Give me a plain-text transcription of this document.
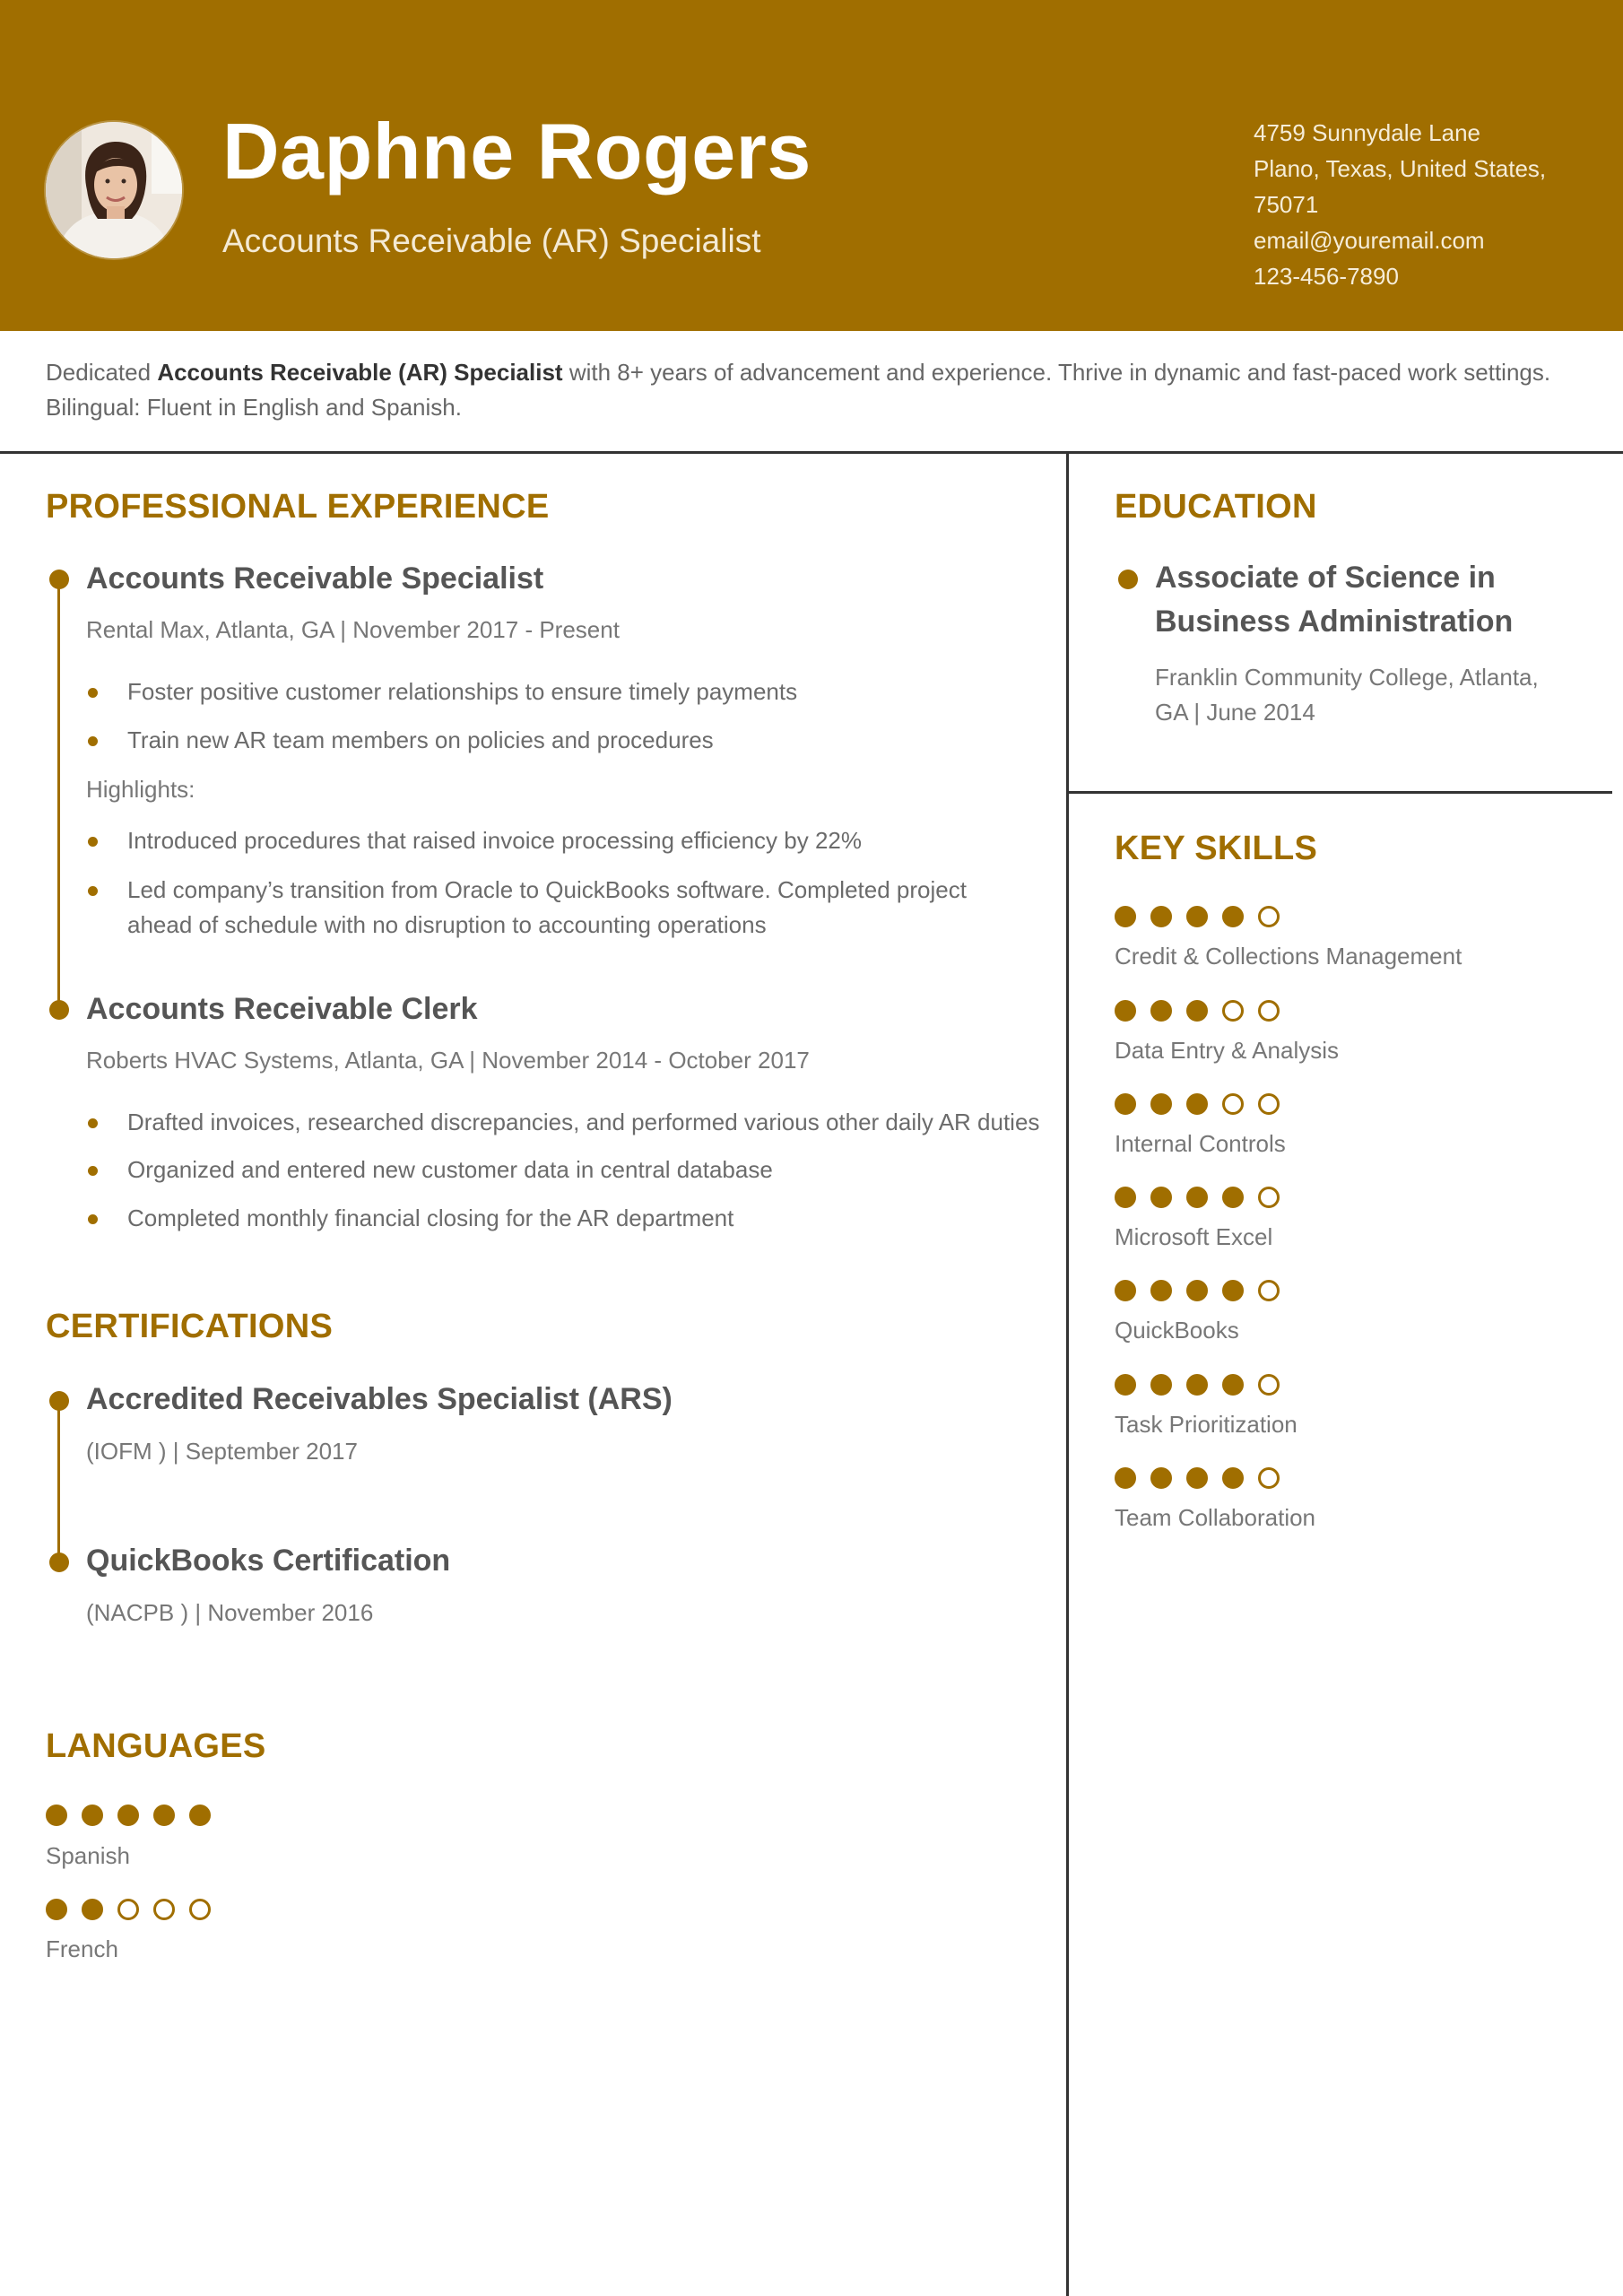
Daphne Rogers
Accounts Receivable (AR) Specialist
4759 Sunnydale Lane
Plano, Texas, United States,
75071
email@youremail.com
123-456-7890
Dedicated Accounts Receivable (AR) Specialist with 8+ years of advancement and experience. Thrive in dynamic and fast-paced work settings. Bilingual: Fluent in English and Spanish.
PROFESSIONAL EXPERIENCE
Accounts Receivable Specialist
Rental Max, Atlanta, GA | November 2017 - Present
Foster positive customer relationships to ensure timely payments
Train new AR team members on policies and procedures
Highlights:
Introduced procedures that raised invoice processing efficiency by 22%
Led company’s transition from Oracle to QuickBooks software. Completed project ahead of schedule with no disruption to accounting operations
Accounts Receivable Clerk
Roberts HVAC Systems, Atlanta, GA | November 2014 - October 2017
Drafted invoices, researched discrepancies, and performed various other daily AR duties
Organized and entered new customer data in central database
Completed monthly financial closing for the AR department
CERTIFICATIONS
Accredited Receivables Specialist (ARS)
(IOFM ) | September 2017
QuickBooks Certification
(NACPB ) | November 2016
LANGUAGES
Spanish
French
EDUCATION
Associate of Science in Business Administration
Franklin Community College, Atlanta, GA | June 2014
KEY SKILLS
Credit & Collections Management
Data Entry & Analysis
Internal Controls
Microsoft Excel
QuickBooks
Task Prioritization
Team Collaboration
